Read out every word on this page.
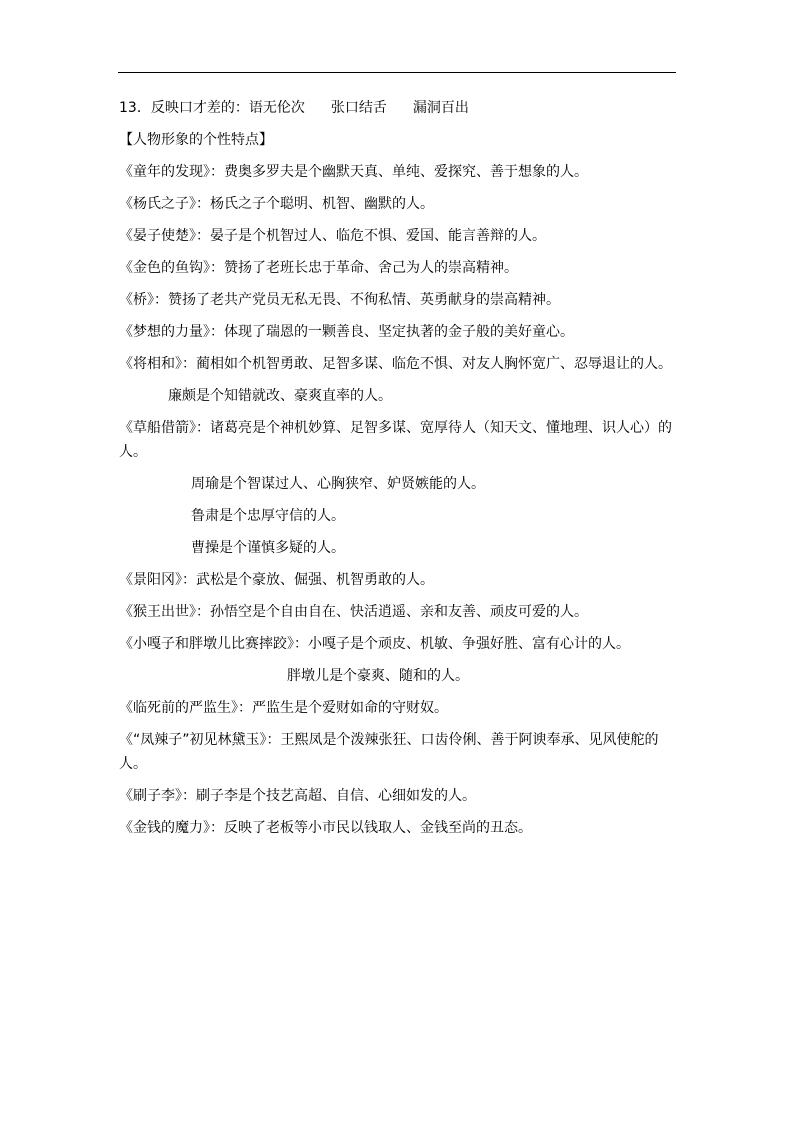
13．反映口才差的：语无伦次 张口结舌 漏洞百出

【人物形象的个性特点】

《童年的发现》：费奥多罗夫是个幽默天真、单纯、爱探究、善于想象的人。

《杨氏之子》：杨氏之子个聪明、机智、幽默的人。

《晏子使楚》：晏子是个机智过人、临危不惧、爱国、能言善辩的人。

《金色的鱼钩》：赞扬了老班长忠于革命、舍己为人的崇高精神。

《桥》：赞扬了老共产党员无私无畏、不徇私情、英勇献身的崇高精神。

《梦想的力量》：体现了瑞恩的一颗善良、坚定执著的金子般的美好童心。

《将相和》：蔺相如个机智勇敢、足智多谋、临危不惧、对友人胸怀宽广、忍辱退让的人。

廉颇是个知错就改、豪爽直率的人。

《草船借箭》：诸葛亮是个神机妙算、足智多谋、宽厚待人（知天文、懂地理、识人心）的人。

周瑜是个智谋过人、心胸狭窄、妒贤嫉能的人。

鲁肃是个忠厚守信的人。

曹操是个谨慎多疑的人。

《景阳冈》：武松是个豪放、倔强、机智勇敢的人。

《猴王出世》：孙悟空是个自由自在、快活逍遥、亲和友善、顽皮可爱的人。

《小嘎子和胖墩儿比赛摔跤》：小嘎子是个顽皮、机敏、争强好胜、富有心计的人。

胖墩儿是个豪爽、随和的人。

《临死前的严监生》：严监生是个爱财如命的守财奴。

《“凤辣子”初见林黛玉》：王熙凤是个泼辣张狂、口齿伶俐、善于阿谀奉承、见风使舵的人。

《刷子李》：刷子李是个技艺高超、自信、心细如发的人。

《金钱的魔力》：反映了老板等小市民以钱取人、金钱至尚的丑态。
